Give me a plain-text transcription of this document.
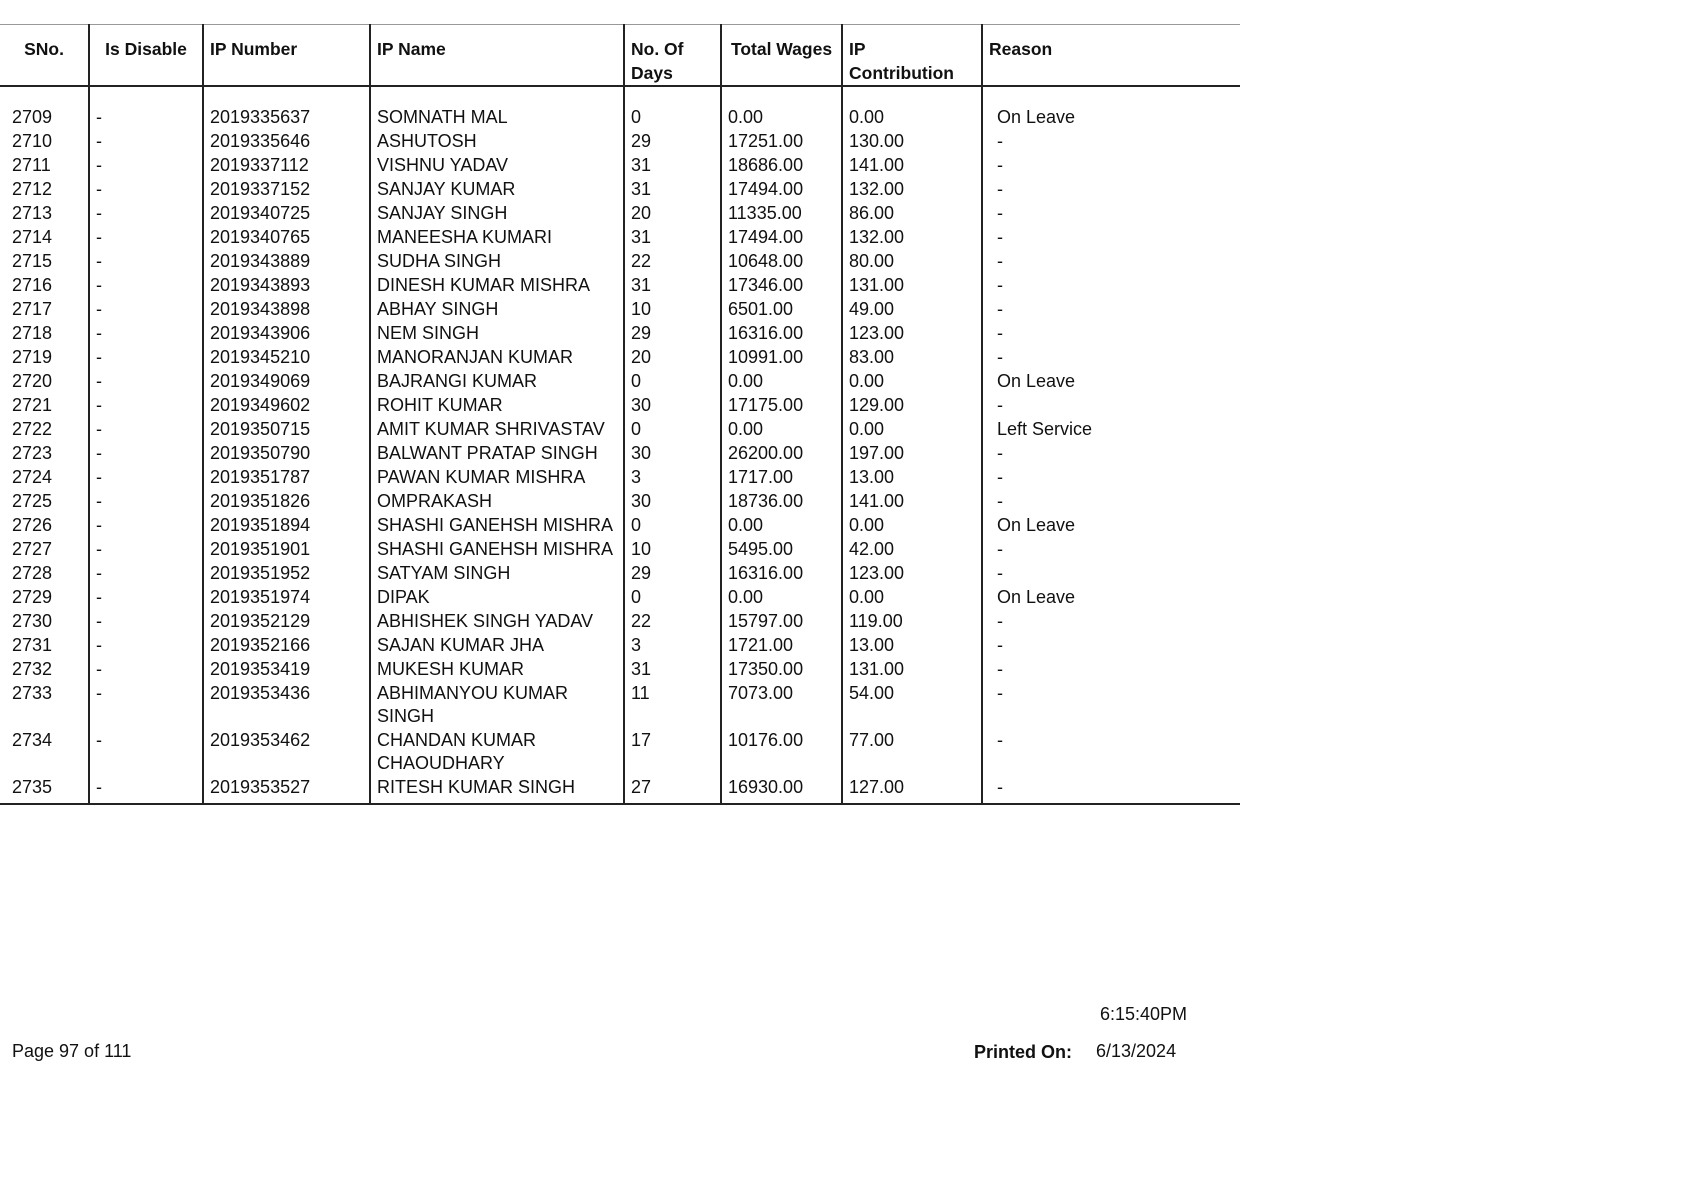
SNo.	Is Disable	IP Number	IP Name	No. Of Days	Total Wages	IP Contribution	Reason

2709	-	2019335637	SOMNATH MAL	0	0.00	0.00	On Leave
2710	-	2019335646	ASHUTOSH	29	17251.00	130.00	-
2711	-	2019337112	VISHNU YADAV	31	18686.00	141.00	-
2712	-	2019337152	SANJAY KUMAR	31	17494.00	132.00	-
2713	-	2019340725	SANJAY SINGH	20	11335.00	86.00	-
2714	-	2019340765	MANEESHA KUMARI	31	17494.00	132.00	-
2715	-	2019343889	SUDHA SINGH	22	10648.00	80.00	-
2716	-	2019343893	DINESH KUMAR MISHRA	31	17346.00	131.00	-
2717	-	2019343898	ABHAY SINGH	10	6501.00	49.00	-
2718	-	2019343906	NEM SINGH	29	16316.00	123.00	-
2719	-	2019345210	MANORANJAN KUMAR	20	10991.00	83.00	-
2720	-	2019349069	BAJRANGI KUMAR	0	0.00	0.00	On Leave
2721	-	2019349602	ROHIT KUMAR	30	17175.00	129.00	-
2722	-	2019350715	AMIT KUMAR SHRIVASTAV	0	0.00	0.00	Left Service
2723	-	2019350790	BALWANT PRATAP SINGH	30	26200.00	197.00	-
2724	-	2019351787	PAWAN KUMAR MISHRA	3	1717.00	13.00	-
2725	-	2019351826	OMPRAKASH	30	18736.00	141.00	-
2726	-	2019351894	SHASHI GANEHSH MISHRA	0	0.00	0.00	On Leave
2727	-	2019351901	SHASHI GANEHSH MISHRA	10	5495.00	42.00	-
2728	-	2019351952	SATYAM SINGH	29	16316.00	123.00	-
2729	-	2019351974	DIPAK	0	0.00	0.00	On Leave
2730	-	2019352129	ABHISHEK SINGH YADAV	22	15797.00	119.00	-
2731	-	2019352166	SAJAN KUMAR JHA	3	1721.00	13.00	-
2732	-	2019353419	MUKESH KUMAR	31	17350.00	131.00	-
2733	-	2019353436	ABHIMANYOU KUMAR SINGH	11	7073.00	54.00	-
2734	-	2019353462	CHANDAN KUMAR CHAOUDHARY	17	10176.00	77.00	-
2735	-	2019353527	RITESH KUMAR SINGH	27	16930.00	127.00	-
6:15:40PM
Page 97 of 111	Printed On: 6/13/2024
